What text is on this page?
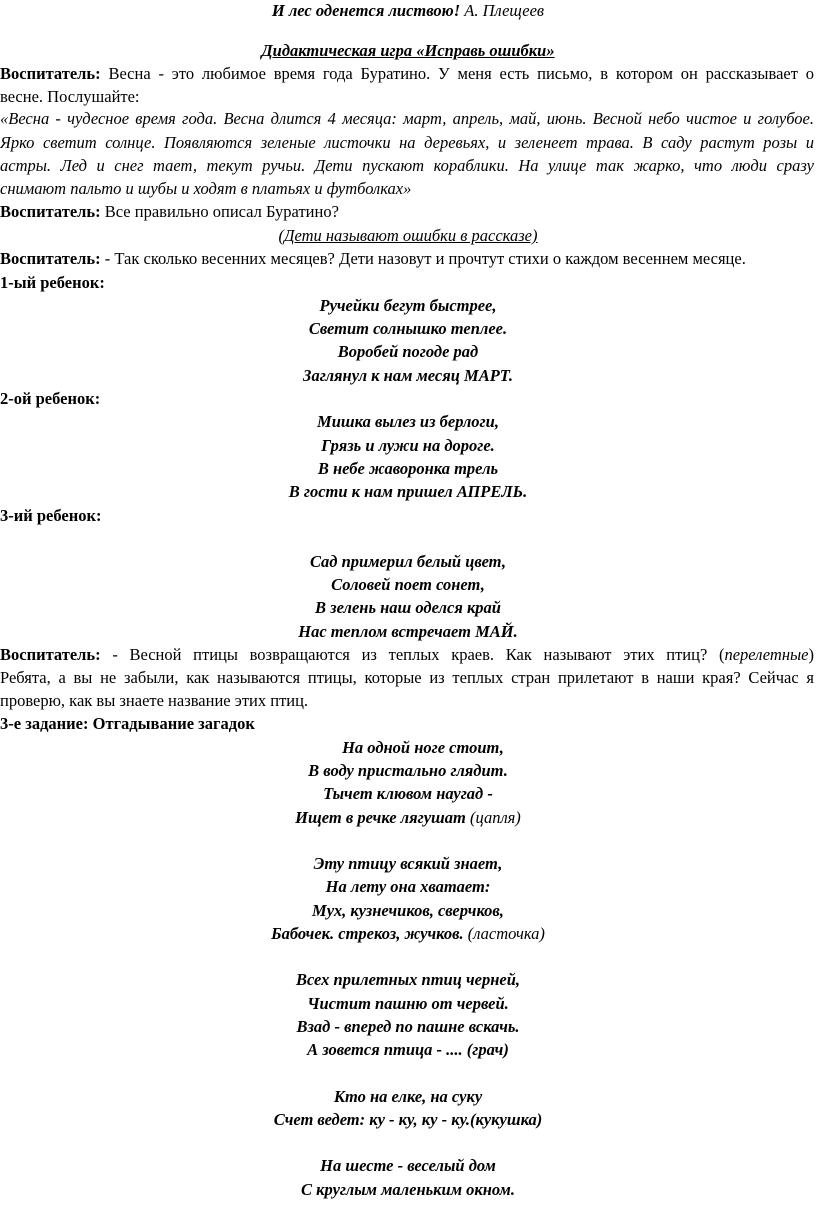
И лес оденется листвою! А. Плещеев
Дидактическая игра «Исправь ошибки»
Воспитатель: Весна - это любимое время года Буратино. У меня есть письмо, в котором он рассказывает о
весне. Послушайте:
«Весна - чудесное время года. Весна длится 4 месяца: март, апрель, май, июнь. Весной небо чистое и голубое.
Ярко светит солнце. Появляются зеленые листочки на деревьях, и зеленеет трава. В саду растут розы и
астры. Лед и снег тает, текут ручьи. Дети пускают кораблики. На улице так жарко, что люди сразу
снимают пальто и шубы и ходят в платьях и футболках»
Воспитатель: Все правильно описал Буратино?
(Дети называют ошибки в рассказе)
Воспитатель: - Так сколько весенних месяцев? Дети назовут и прочтут стихи о каждом весеннем месяце.
1-ый ребенок:
Ручейки бегут быстрее,
Светит солнышко теплее.
Воробей погоде рад
Заглянул к нам месяц МАРТ.
2-ой ребенок:
Мишка вылез из берлоги,
Грязь и лужи на дороге.
В небе жаворонка трель
В гости к нам пришел АПРЕЛЬ.
3-ий ребенок:
Сад примерил белый цвет,
Соловей поет сонет,
В зелень наш оделся край
Нас теплом встречает МАЙ.
Воспитатель: - Весной птицы возвращаются из теплых краев. Как называют этих птиц? (перелетные)
Ребята, а вы не забыли, как называются птицы, которые из теплых стран прилетают в наши края? Сейчас я
проверю, как вы знаете название этих птиц.
3-е задание: Отгадывание загадок
На одной ноге стоит,
В воду пристально глядит.
Тычет клювом наугад -
Ищет в речке лягушат (цапля)
Эту птицу всякий знает,
На лету она хватает:
Мух, кузнечиков, сверчков,
Бабочек. стрекоз, жучков. (ласточка)
Всех прилетных птиц черней,
Чистит пашню от червей.
Взад - вперед по пашне вскачь.
А зовется птица - .... (грач)
Кто на елке, на суку
Счет ведет: ку - ку, ку - ку.(кукушка)
На шесте - веселый дом
С круглым маленьким окном.
